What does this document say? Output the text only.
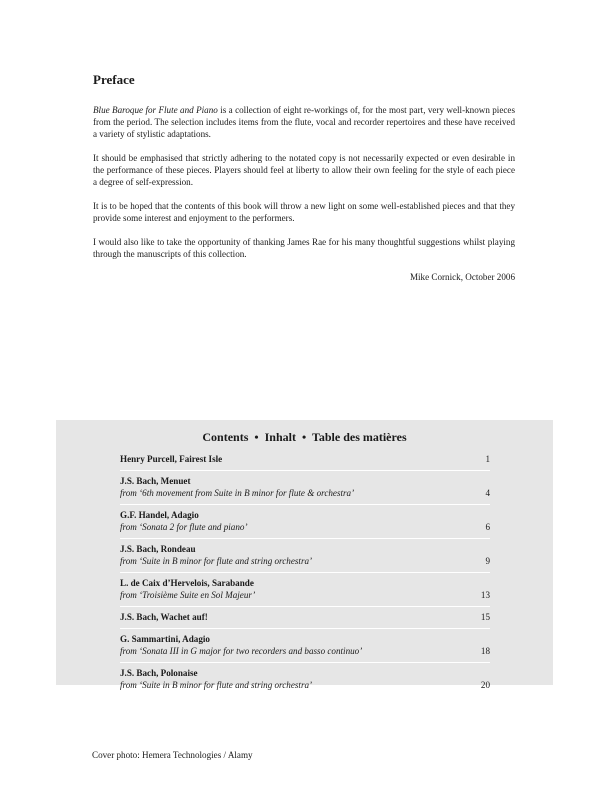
Preface

Blue Baroque for Flute and Piano is a collection of eight re-workings of, for the most part, very well-known pieces from the period. The selection includes items from the flute, vocal and recorder repertoires and these have received a variety of stylistic adaptations.

It should be emphasised that strictly adhering to the notated copy is not necessarily expected or even desirable in the performance of these pieces. Players should feel at liberty to allow their own feeling for the style of each piece a degree of self-expression.

It is to be hoped that the contents of this book will throw a new light on some well-established pieces and that they provide some interest and enjoyment to the performers.

I would also like to take the opportunity of thanking James Rae for his many thoughtful suggestions whilst playing through the manuscripts of this collection.

Mike Cornick, October 2006
Contents • Inhalt • Table des matières
Henry Purcell, Fairest Isle	1
J.S. Bach, Menuet
from ‘6th movement from Suite in B minor for flute & orchestra’	4
G.F. Handel, Adagio
from ‘Sonata 2 for flute and piano’	6
J.S. Bach, Rondeau
from ‘Suite in B minor for flute and string orchestra’	9
L. de Caix d’Hervelois, Sarabande
from ‘Troisième Suite en Sol Majeur’	13
J.S. Bach, Wachet auf!	15
G. Sammartini, Adagio
from ‘Sonata III in G major for two recorders and basso continuo’	18
J.S. Bach, Polonaise
from ‘Suite in B minor for flute and string orchestra’	20
Cover photo: Hemera Technologies / Alamy
